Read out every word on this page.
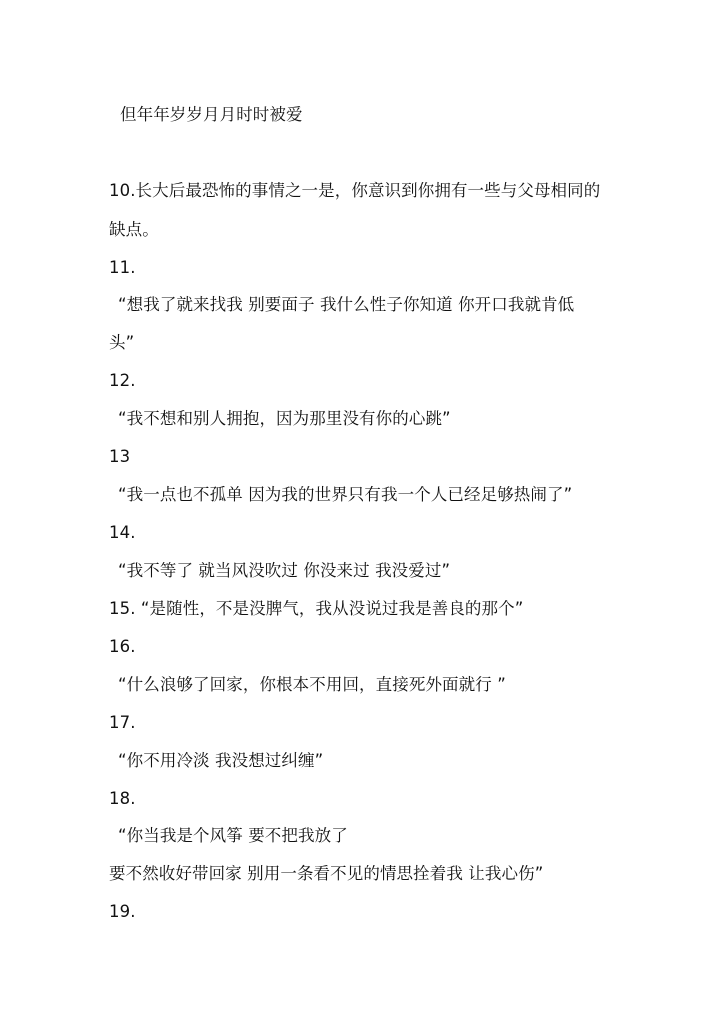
但年年岁岁月月时时被爱
10.长大后最恐怖的事情之一是，你意识到你拥有一些与父母相同的
缺点。
11.
“想我了就来找我 别要面子 我什么性子你知道 你开口我就肯低
头”
12.
“我不想和别人拥抱，因为那里没有你的心跳”
13
“我一点也不孤单 因为我的世界只有我一个人已经足够热闹了”
14.
“我不等了 就当风没吹过 你没来过 我没爱过”
15. “是随性，不是没脾气，我从没说过我是善良的那个”
16.
“什么浪够了回家，你根本不用回，直接死外面就行 ”
17.
“你不用冷淡 我没想过纠缠”
18.
“你当我是个风筝 要不把我放了
要不然收好带回家 别用一条看不见的情思拴着我 让我心伤”
19.
